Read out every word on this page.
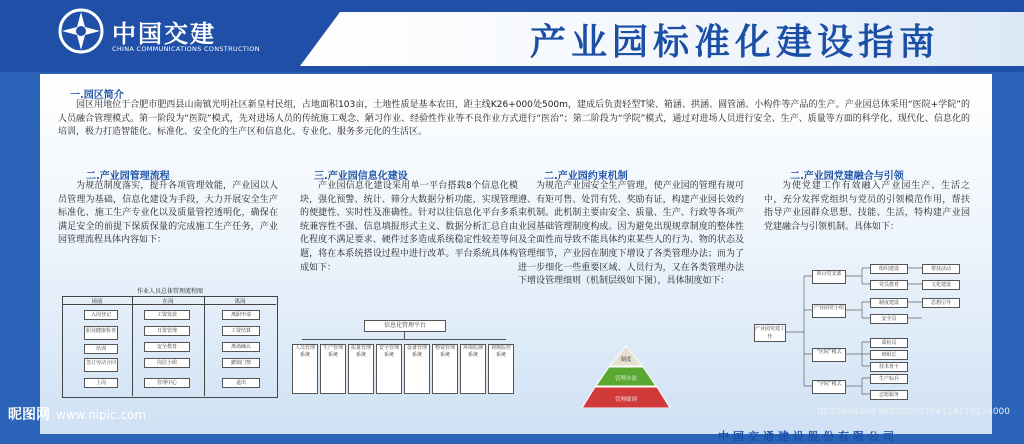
中国交建
CHINA COMMUNICATIONS CONSTRUCTION	产业园标准化建设指南
一.园区简介

园区用地位于合肥市肥西县山南镇光明社区新皇村民组，占地面积103亩，土地性质是基本农田，距主线K26+000处500m，建成后负责轻型T梁、箱涵、拱涵、圆管涵、小构件等产品的生产。产业园总体采用“医院+学院”的人员融合管理模式。第一阶段为“医院”模式，先对进场人员的传统施工观念、陋习作业、经验性作业等不良作业方式进行“医治”；第二阶段为“学院”模式，通过对进场人员进行安全、生产、质量等方面的科学化、现代化、信息化的培训，极力打造智能化、标准化、安全化的生产区和信息化、专业化、服务多元化的生活区。

二.产业园管理流程

为规范制度落实，提升各项管理效能，产业园以人员管理为基础，信息化建设为手段，大力开展安全生产标准化、施工生产专业化以及质量管控透明化，确保在满足安全的前提下保质保量的完成施工生产任务，产业园管理流程具体内容如下：

作业人员总体管理流程图
岗前	在岗	离岗
入岗登记
职业健康检查
培训
签订劳动合同
上岗
工资发放
日常管理
安全教育
岗位小组
管理中心
离职申请
工资结算
离场确认
撤销门禁
退出
三.产业园信息化建设

产业园信息化建设采用单一平台搭载8个信息化模块，强化预警、统计、筛分大数据分析功能，实现管理的便捷性、实时性及准确性。针对以往信息化平台多系统兼容性不强、信息填报形式主义、数据分析汇总自由化程度不满足要求、硬件过多造成系统稳定性较差等问题，将在本系统搭设过程中进行改革。平台系统具体构成如下：

信息化管理平台
人员管理系统
生产管理系统
质量管理系统
安全管理系统
设备管理系统
物资管理系统
环境监测系统
视频监控系统
二.产业园约束机制

为规范产业园安全生产管理，使产业园的管理有规可遵、有矩可售、处罚有凭、奖励有证，构建产业园长效约束机制。此机制主要由安全、质量、生产、行政等各项产业园基础管理制度构成。因为避免出现规章制度的整体性及全面性而导致不能具体约束某些人的行为、物的状态及管理细节，产业园在制度下增设了各类管理办法；而为了进一步细化一些重要区域、人员行为，又在各类管理办法下增设管理细则（机制层级如下图），具体制度如下：

制度
管理办法
管理细则
二.产业园党建融合与引领

为使党建工作有效融入产业园生产、生活之中，充分发挥党组织与党员的引领模范作用，帮扶指导产业园群众思想、技能、生活，特构建产业园党建融合与引领机制。具体如下：

产业园党建工作
项目党支部
产业园党小组
“医院”模式
“学院”模式
组织建设
党员教育
制度建设
安全员
质检员
班组长
技术骨干
生产标兵
志愿服务
帮扶活动
文化建设
思想引导
昵图网 www.nipic.com	ID:25654104 NO:20200704114119274000
中国交通建设股份有限公司
